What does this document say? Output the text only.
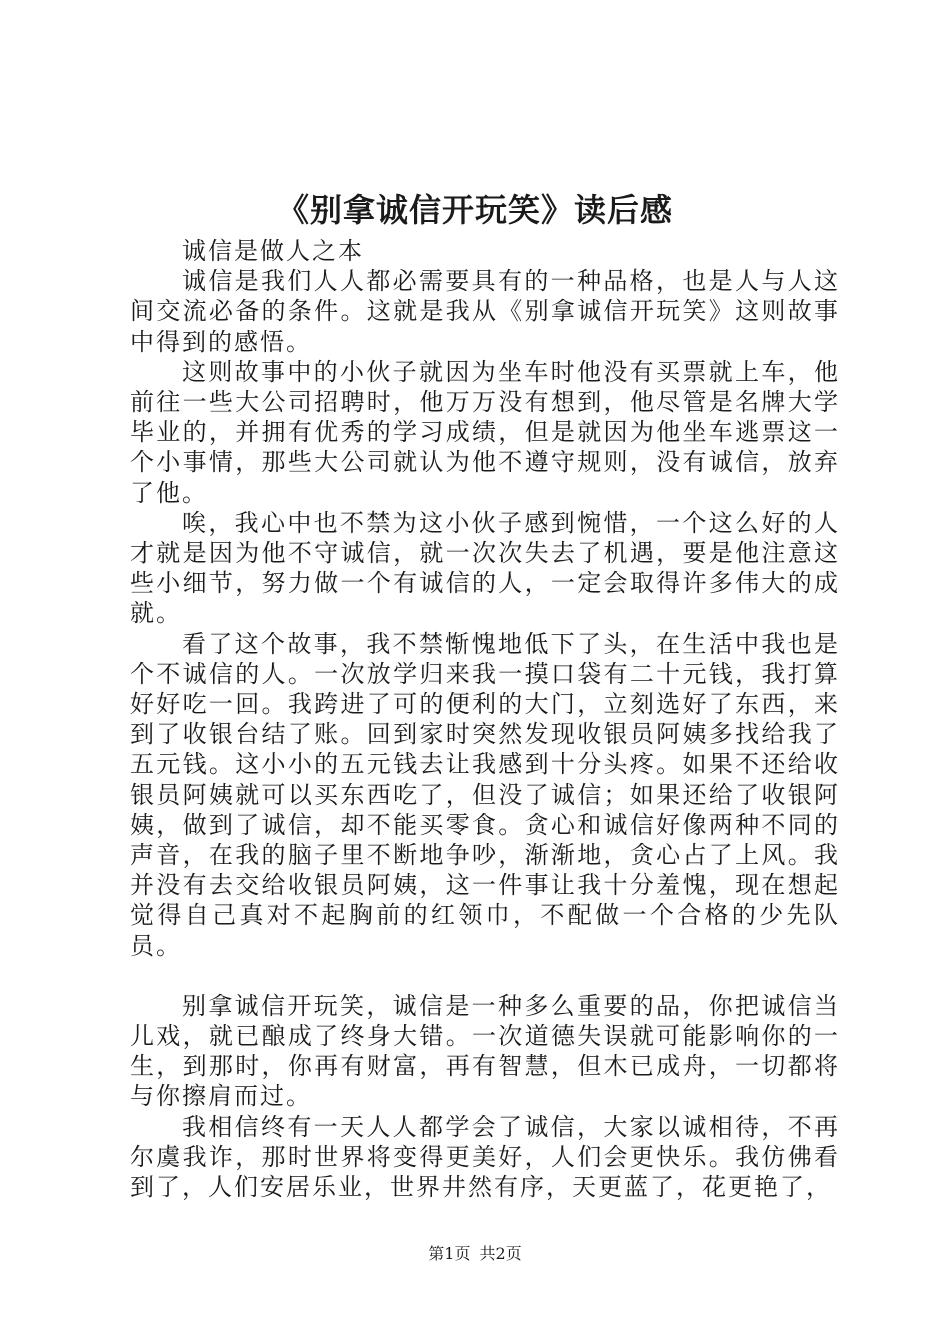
《别拿诚信开玩笑》读后感

诚信是做人之本

诚信是我们人人都必需要具有的一种品格，也是人与人这间交流必备的条件。这就是我从《别拿诚信开玩笑》这则故事中得到的感悟。

这则故事中的小伙子就因为坐车时他没有买票就上车，他前往一些大公司招聘时，他万万没有想到，他尽管是名牌大学毕业的，并拥有优秀的学习成绩，但是就因为他坐车逃票这一个小事情，那些大公司就认为他不遵守规则，没有诚信，放弃了他。

唉，我心中也不禁为这小伙子感到惋惜，一个这么好的人才就是因为他不守诚信，就一次次失去了机遇，要是他注意这些小细节，努力做一个有诚信的人，一定会取得许多伟大的成就。

看了这个故事，我不禁惭愧地低下了头，在生活中我也是个不诚信的人。一次放学归来我一摸口袋有二十元钱，我打算好好吃一回。我跨进了可的便利的大门，立刻选好了东西，来到了收银台结了账。回到家时突然发现收银员阿姨多找给我了五元钱。这小小的五元钱去让我感到十分头疼。如果不还给收银员阿姨就可以买东西吃了，但没了诚信；如果还给了收银阿姨，做到了诚信，却不能买零食。贪心和诚信好像两种不同的声音，在我的脑子里不断地争吵，渐渐地，贪心占了上风。我并没有去交给收银员阿姨，这一件事让我十分羞愧，现在想起觉得自己真对不起胸前的红领巾，不配做一个合格的少先队员。

别拿诚信开玩笑，诚信是一种多么重要的品，你把诚信当儿戏，就已酿成了终身大错。一次道德失误就可能影响你的一生，到那时，你再有财富，再有智慧，但木已成舟，一切都将与你擦肩而过。

我相信终有一天人人都学会了诚信，大家以诚相待，不再尔虞我诈，那时世界将变得更美好，人们会更快乐。我仿佛看到了，人们安居乐业，世界井然有序，天更蓝了，花更艳了，

第1页 共2页
